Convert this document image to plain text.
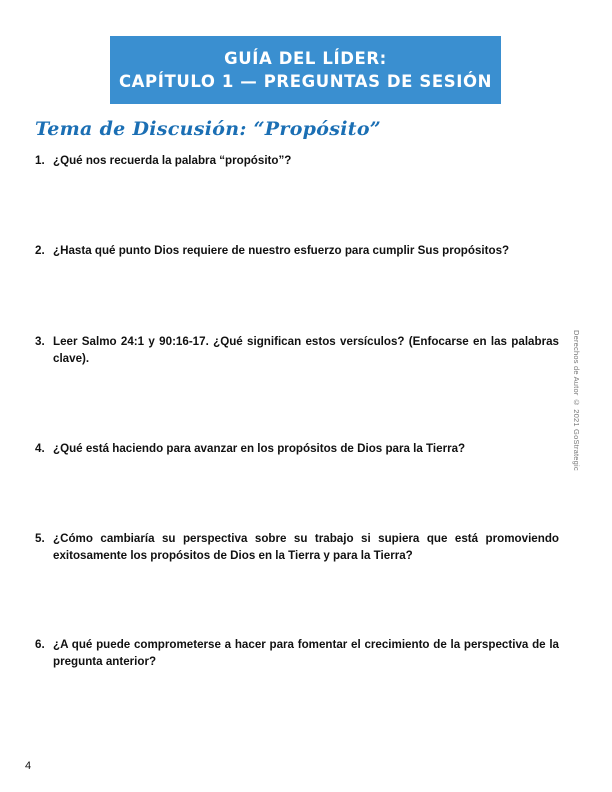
GUÍA DEL LÍDER:
CAPÍTULO 1 — PREGUNTAS DE SESIÓN
Tema de Discusión: “Propósito”
1. ¿Qué nos recuerda la palabra “propósito”?
2. ¿Hasta qué punto Dios requiere de nuestro esfuerzo para cumplir Sus propósitos?
3. Leer Salmo 24:1 y 90:16-17. ¿Qué significan estos versículos? (Enfocarse en las palabras clave).
4. ¿Qué está haciendo para avanzar en los propósitos de Dios para la Tierra?
5. ¿Cómo cambiaría su perspectiva sobre su trabajo si supiera que está promoviendo exitosamente los propósitos de Dios en la Tierra y para la Tierra?
6. ¿A qué puede comprometerse a hacer para fomentar el crecimiento de la perspectiva de la pregunta anterior?
Derechos de Autor © 2021 GoStrategic
4
